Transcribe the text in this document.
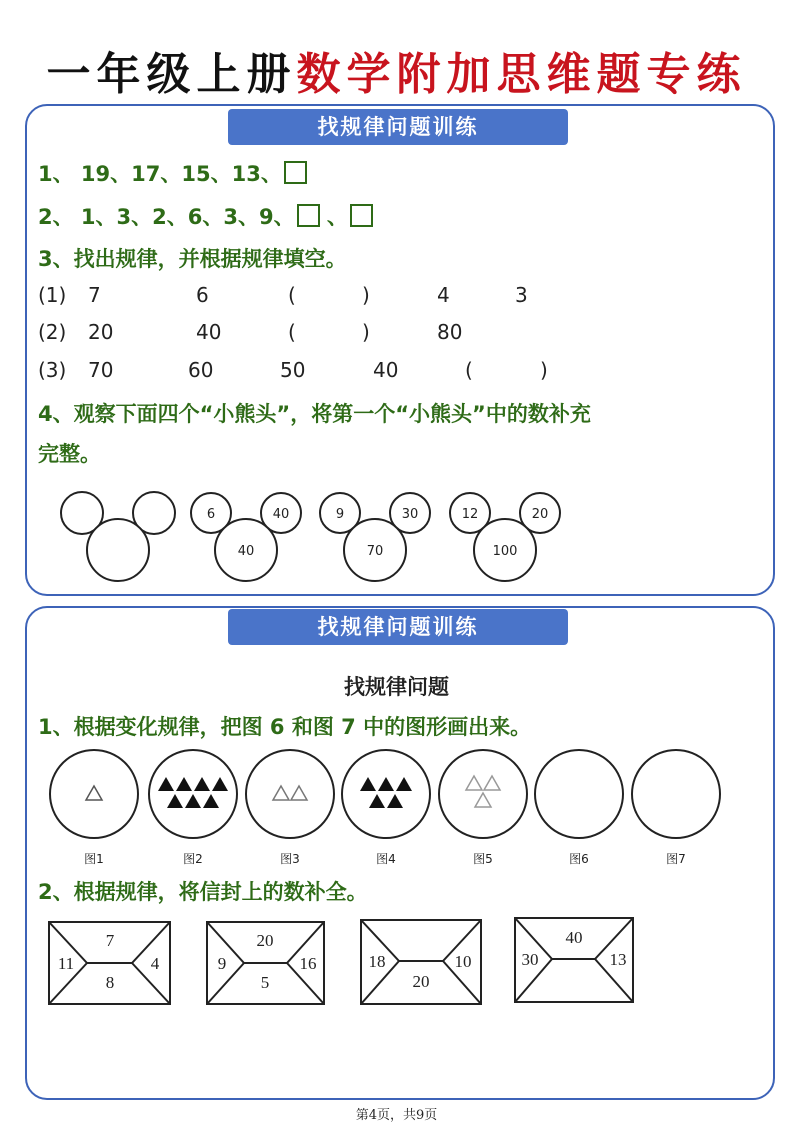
一年级上册数学附加思维题专练
找规律问题训练
1、 19、17、15、13、
2、 1、3、2、6、3、9、 、
3、找出规律，并根据规律填空。
(1) 7	6	(	)	4	3
(2) 20	40	(	)	80
(3) 70	60	50	40	(	)
4、观察下面四个“小熊头”，将第一个“小熊头”中的数补充
完整。
6	40
40
9	30
70
12	20
100
找规律问题训练
找规律问题
1、根据变化规律，把图 6 和图 7 中的图形画出来。
图1	图2	图3	图4	图5	图6	图7
2、根据规律，将信封上的数补全。
7
11	4
8
20
9	16
5
18	10
20
40
30	13
第4页，共9页
